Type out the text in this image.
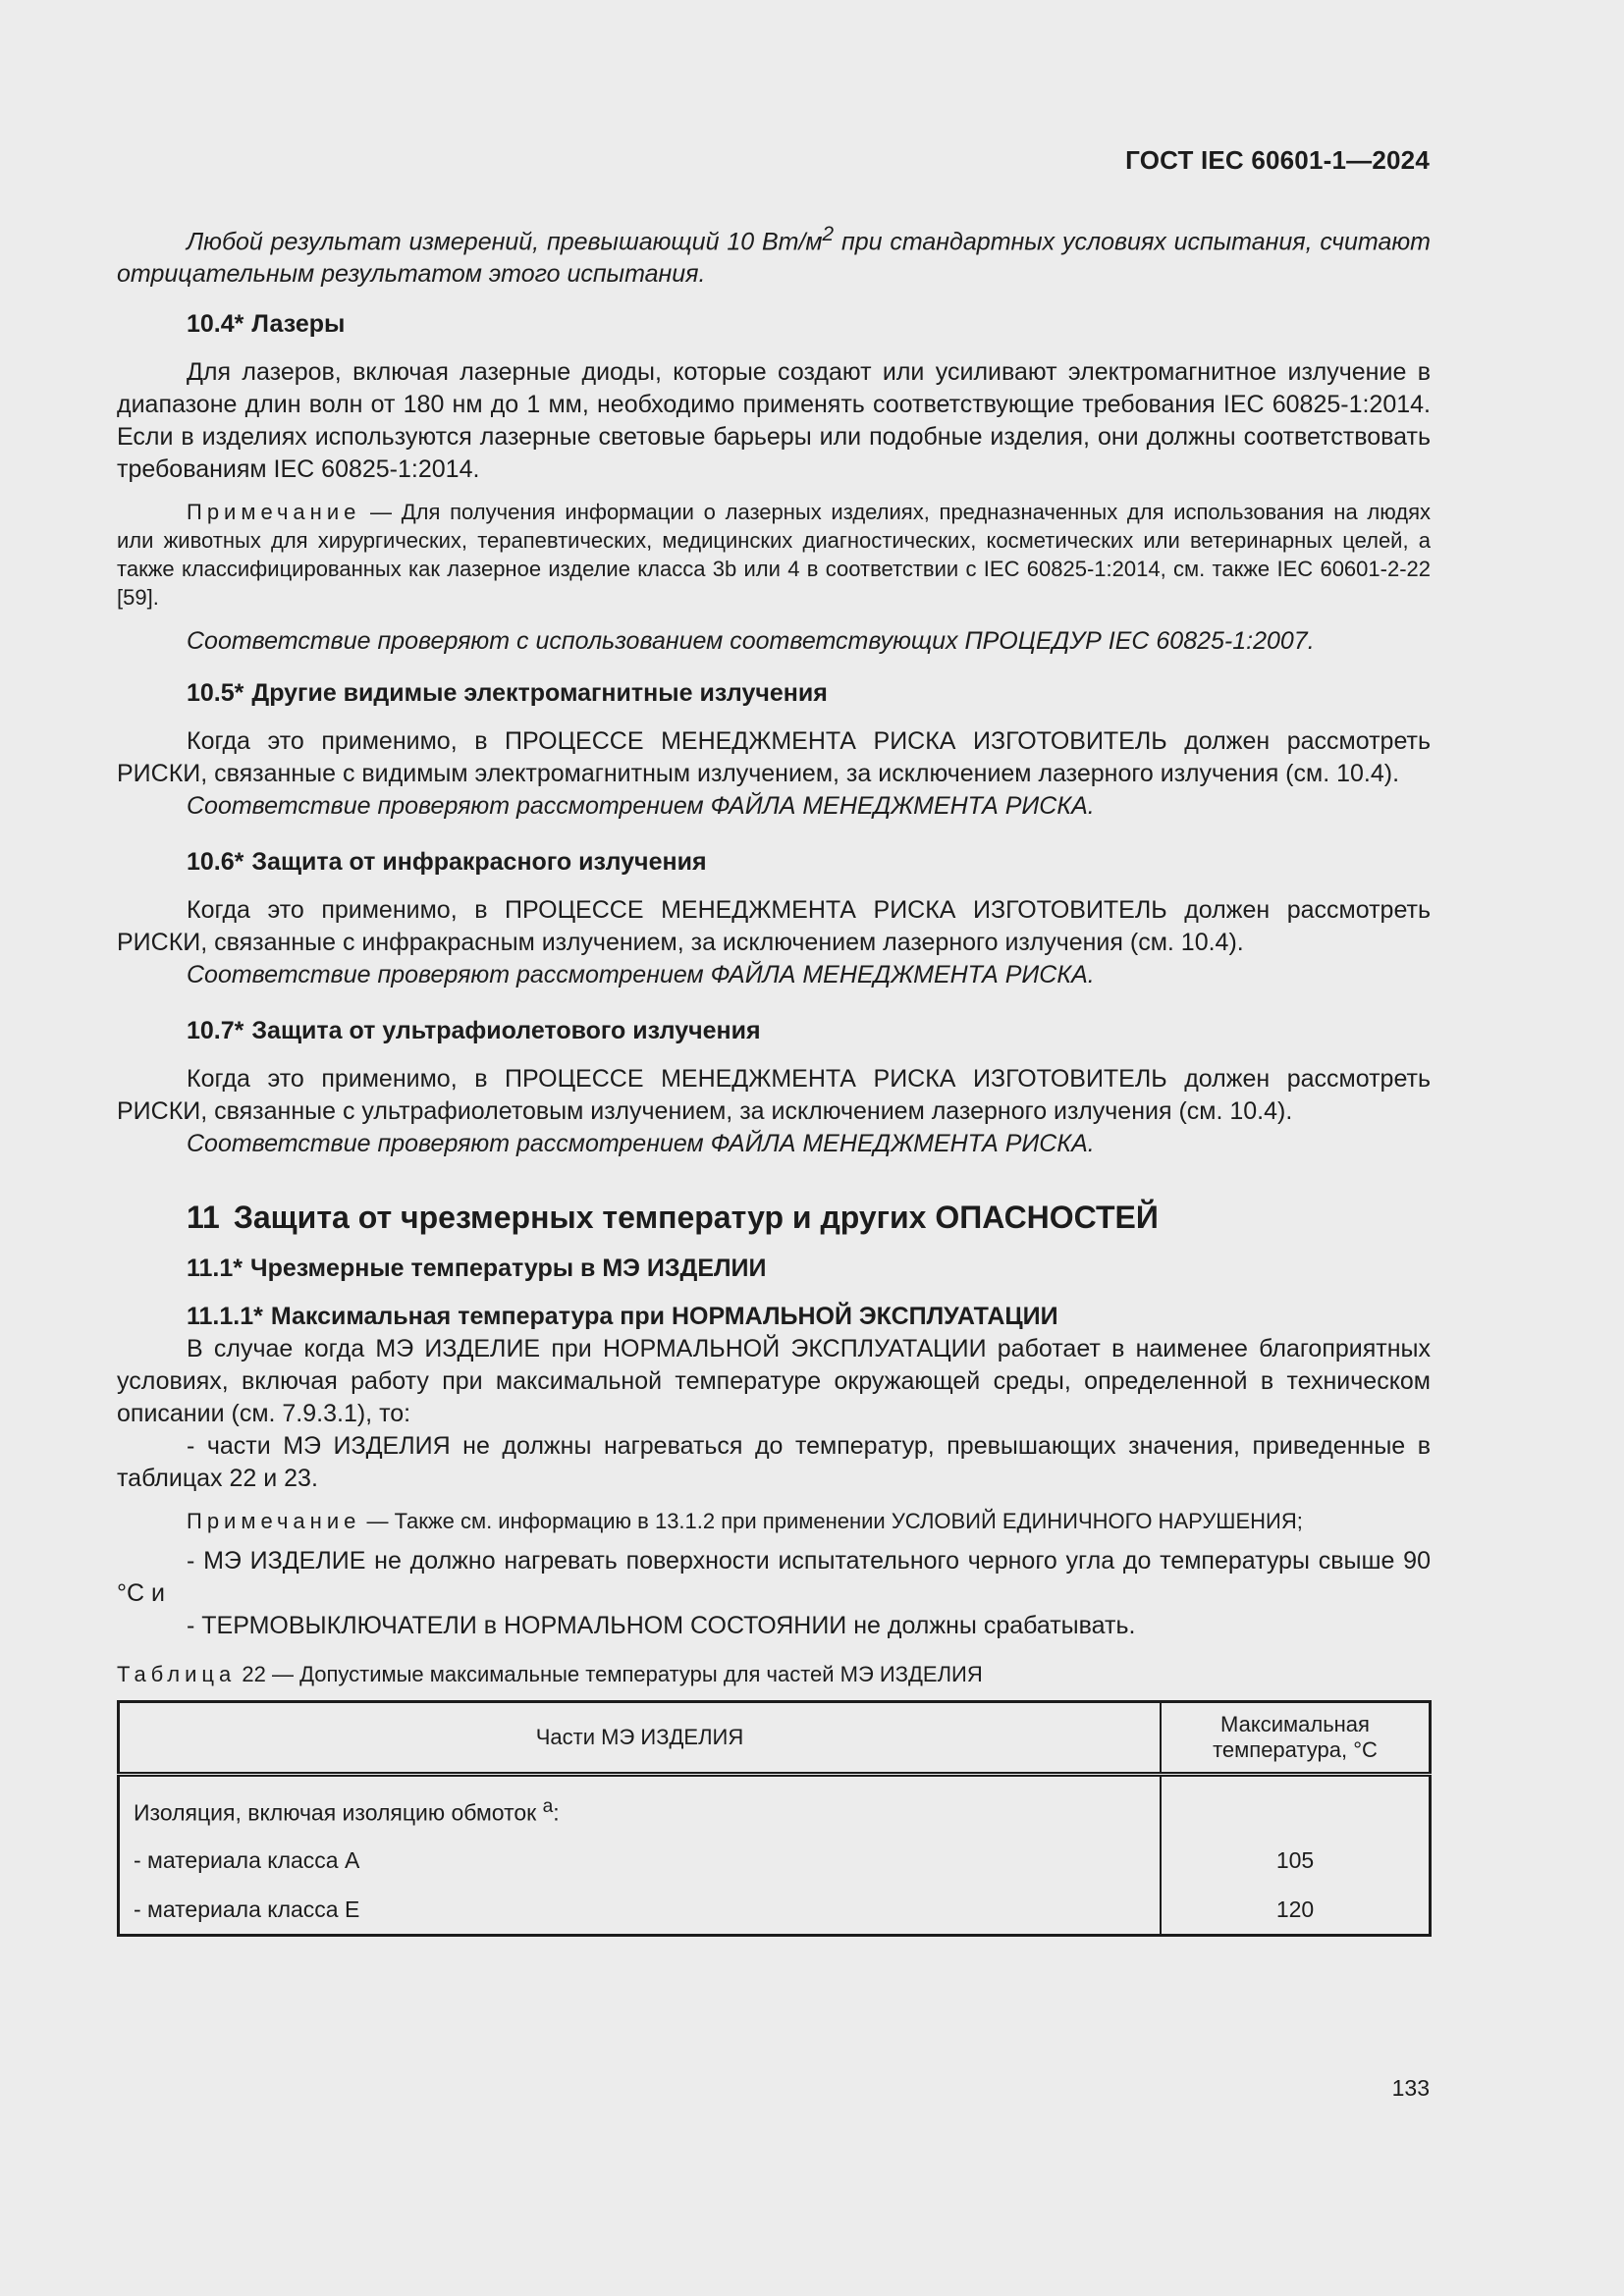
ГОСТ IEC 60601-1—2024

Любой результат измерений, превышающий 10 $Вт/м^2$ при стандартных условиях испытания, считают отрицательным результатом этого испытания.

10.4* Лазеры

Для лазеров, включая лазерные диоды, которые создают или усиливают электромагнитное излучение в диапазоне длин волн от 180 нм до 1 мм, необходимо применять соответствующие требования IEC 60825-1:2014. Если в изделиях используются лазерные световые барьеры или подобные изделия, они должны соответствовать требованиям IEC 60825-1:2014.

Примечание — Для получения информации о лазерных изделиях, предназначенных для использования на людях или животных для хирургических, терапевтических, медицинских диагностических, косметических или ветеринарных целей, а также классифицированных как лазерное изделие класса 3b или 4 в соответствии с IEC 60825-1:2014, см. также IEC 60601-2-22 [59].

Соответствие проверяют с использованием соответствующих ПРОЦЕДУР IEC 60825-1:2007.

10.5* Другие видимые электромагнитные излучения

Когда это применимо, в ПРОЦЕССЕ МЕНЕДЖМЕНТА РИСКА ИЗГОТОВИТЕЛЬ должен рассмотреть РИСКИ, связанные с видимым электромагнитным излучением, за исключением лазерного излучения (см. 10.4).

Соответствие проверяют рассмотрением ФАЙЛА МЕНЕДЖМЕНТА РИСКА.

10.6* Защита от инфракрасного излучения

Когда это применимо, в ПРОЦЕССЕ МЕНЕДЖМЕНТА РИСКА ИЗГОТОВИТЕЛЬ должен рассмотреть РИСКИ, связанные с инфракрасным излучением, за исключением лазерного излучения (см. 10.4).

Соответствие проверяют рассмотрением ФАЙЛА МЕНЕДЖМЕНТА РИСКА.

10.7* Защита от ультрафиолетового излучения

Когда это применимо, в ПРОЦЕССЕ МЕНЕДЖМЕНТА РИСКА ИЗГОТОВИТЕЛЬ должен рассмотреть РИСКИ, связанные с ультрафиолетовым излучением, за исключением лазерного излучения (см. 10.4).

Соответствие проверяют рассмотрением ФАЙЛА МЕНЕДЖМЕНТА РИСКА.

11 Защита от чрезмерных температур и других ОПАСНОСТЕЙ
11.1* Чрезмерные температуры в МЭ ИЗДЕЛИИ
11.1.1* Максимальная температура при НОРМАЛЬНОЙ ЭКСПЛУАТАЦИИ

В случае когда МЭ ИЗДЕЛИЕ при НОРМАЛЬНОЙ ЭКСПЛУАТАЦИИ работает в наименее благоприятных условиях, включая работу при максимальной температуре окружающей среды, определенной в техническом описании (см. 7.9.3.1), то:

- части МЭ ИЗДЕЛИЯ не должны нагреваться до температур, превышающих значения, приведенные в таблицах 22 и 23.

Примечание — Также см. информацию в 13.1.2 при применении УСЛОВИЙ ЕДИНИЧНОГО НАРУШЕНИЯ;

- МЭ ИЗДЕЛИЕ не должно нагревать поверхности испытательного черного угла до температуры свыше 90 °С и

- ТЕРМОВЫКЛЮЧАТЕЛИ в НОРМАЛЬНОМ СОСТОЯНИИ не должны срабатывать.

Таблица 22 — Допустимые максимальные температуры для частей МЭ ИЗДЕЛИЯ

Части МЭ ИЗДЕЛИЯ	Максимальная
температура, °С
Изоляция, включая изоляцию обмоток $^a$:	
- материала класса А	105
- материала класса Е	120
133
